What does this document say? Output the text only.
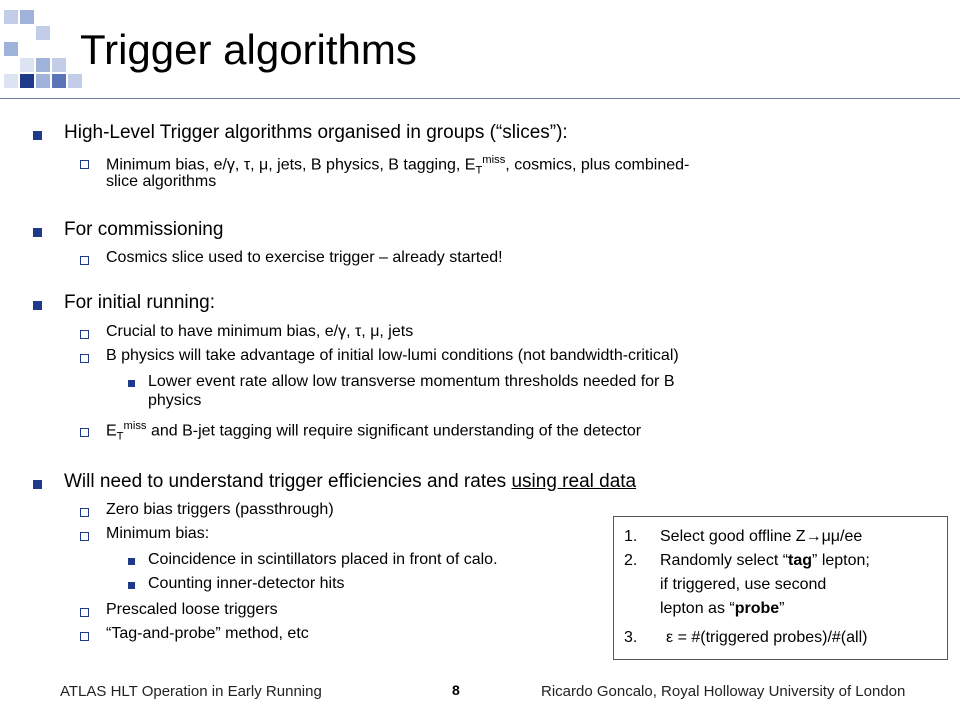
Trigger algorithms
High-Level Trigger algorithms organised in groups (“slices”):
Minimum bias, e/γ, τ, μ, jets, B physics, B tagging, $E_T^{miss}$, cosmics, plus combined-
slice algorithms
For commissioning
Cosmics slice used to exercise trigger – already started!
For initial running:
Crucial to have minimum bias, e/γ, τ, μ, jets
B physics will take advantage of initial low-lumi conditions (not bandwidth-critical)
Lower event rate allow low transverse momentum thresholds needed for B
physics
$E_T^{miss}$ and B-jet tagging will require significant understanding of the detector
Will need to understand trigger efficiencies and rates using real data
Zero bias triggers (passthrough)
Minimum bias:
Coincidence in scintillators placed in front of calo.
Counting inner-detector hits
Prescaled loose triggers
“Tag-and-probe” method, etc
1. Select good offline Z→μμ/ee
2. Randomly select “tag” lepton;
if triggered, use second
lepton as “probe”
3. ε = #(triggered probes)/#(all)
ATLAS HLT Operation in Early Running	8	Ricardo Goncalo, Royal Holloway University of London
